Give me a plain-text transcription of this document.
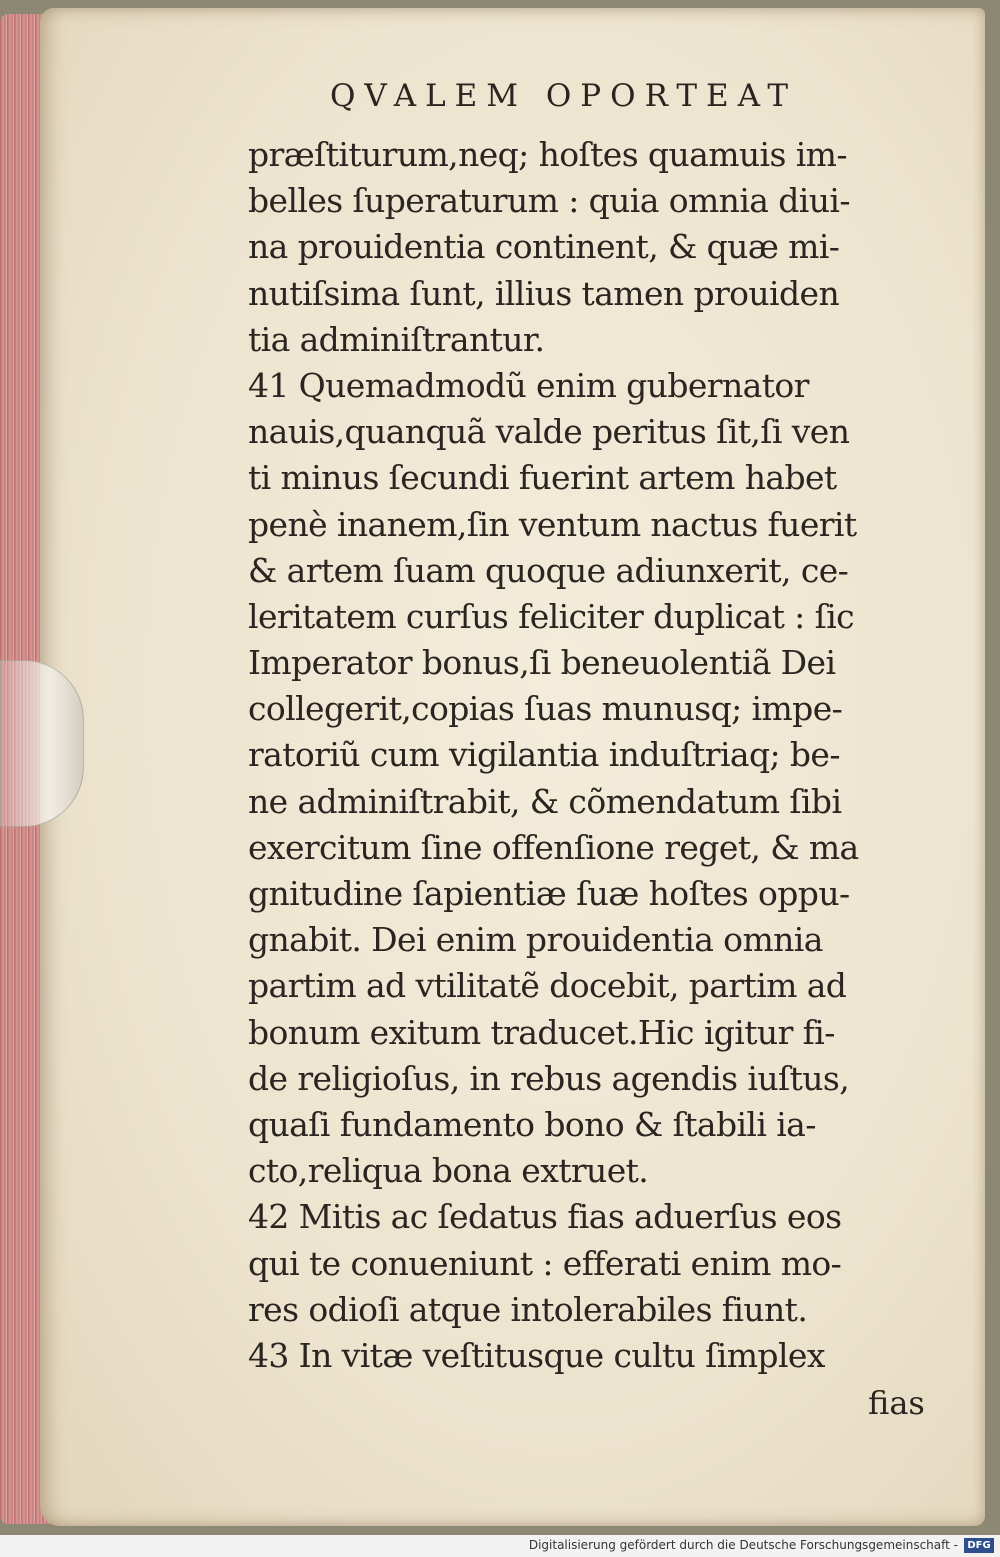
QVALEM OPORTEAT
præſtiturum,neq; hoſtes quamuis im-
belles ſuperaturum : quia omnia diui-
na prouidentia continent, & quæ mi-
nutiſsima ſunt, illius tamen prouiden
tia adminiſtrantur.
41 Quemadmodũ enim gubernator
nauis,quanquã valde peritus ſit,ſi ven
ti minus ſecundi fuerint artem habet
penè inanem,ſin ventum nactus fuerit
& artem ſuam quoque adiunxerit, ce-
leritatem curſus feliciter duplicat : ſic
Imperator bonus,ſi beneuolentiã Dei
collegerit,copias ſuas munusq; impe-
ratoriũ cum vigilantia induſtriaq; be-
ne adminiſtrabit, & cõmendatum ſibi
exercitum ſine offenſione reget, & ma
gnitudine ſapientiæ ſuæ hoſtes oppu-
gnabit. Dei enim prouidentia omnia
partim ad vtilitatẽ docebit, partim ad
bonum exitum traducet.Hic igitur fi-
de religioſus, in rebus agendis iuſtus,
quaſi fundamento bono & ſtabili ia-
cto,reliqua bona extruet.
42 Mitis ac ſedatus fias aduerſus eos
qui te conueniunt : efferati enim mo-
res odioſi atque intolerabiles fiunt.
43 In vitæ veſtitusque cultu ſimplex
fias
Digitalisierung gefördert durch die Deutsche Forschungsgemeinschaft - DFG
